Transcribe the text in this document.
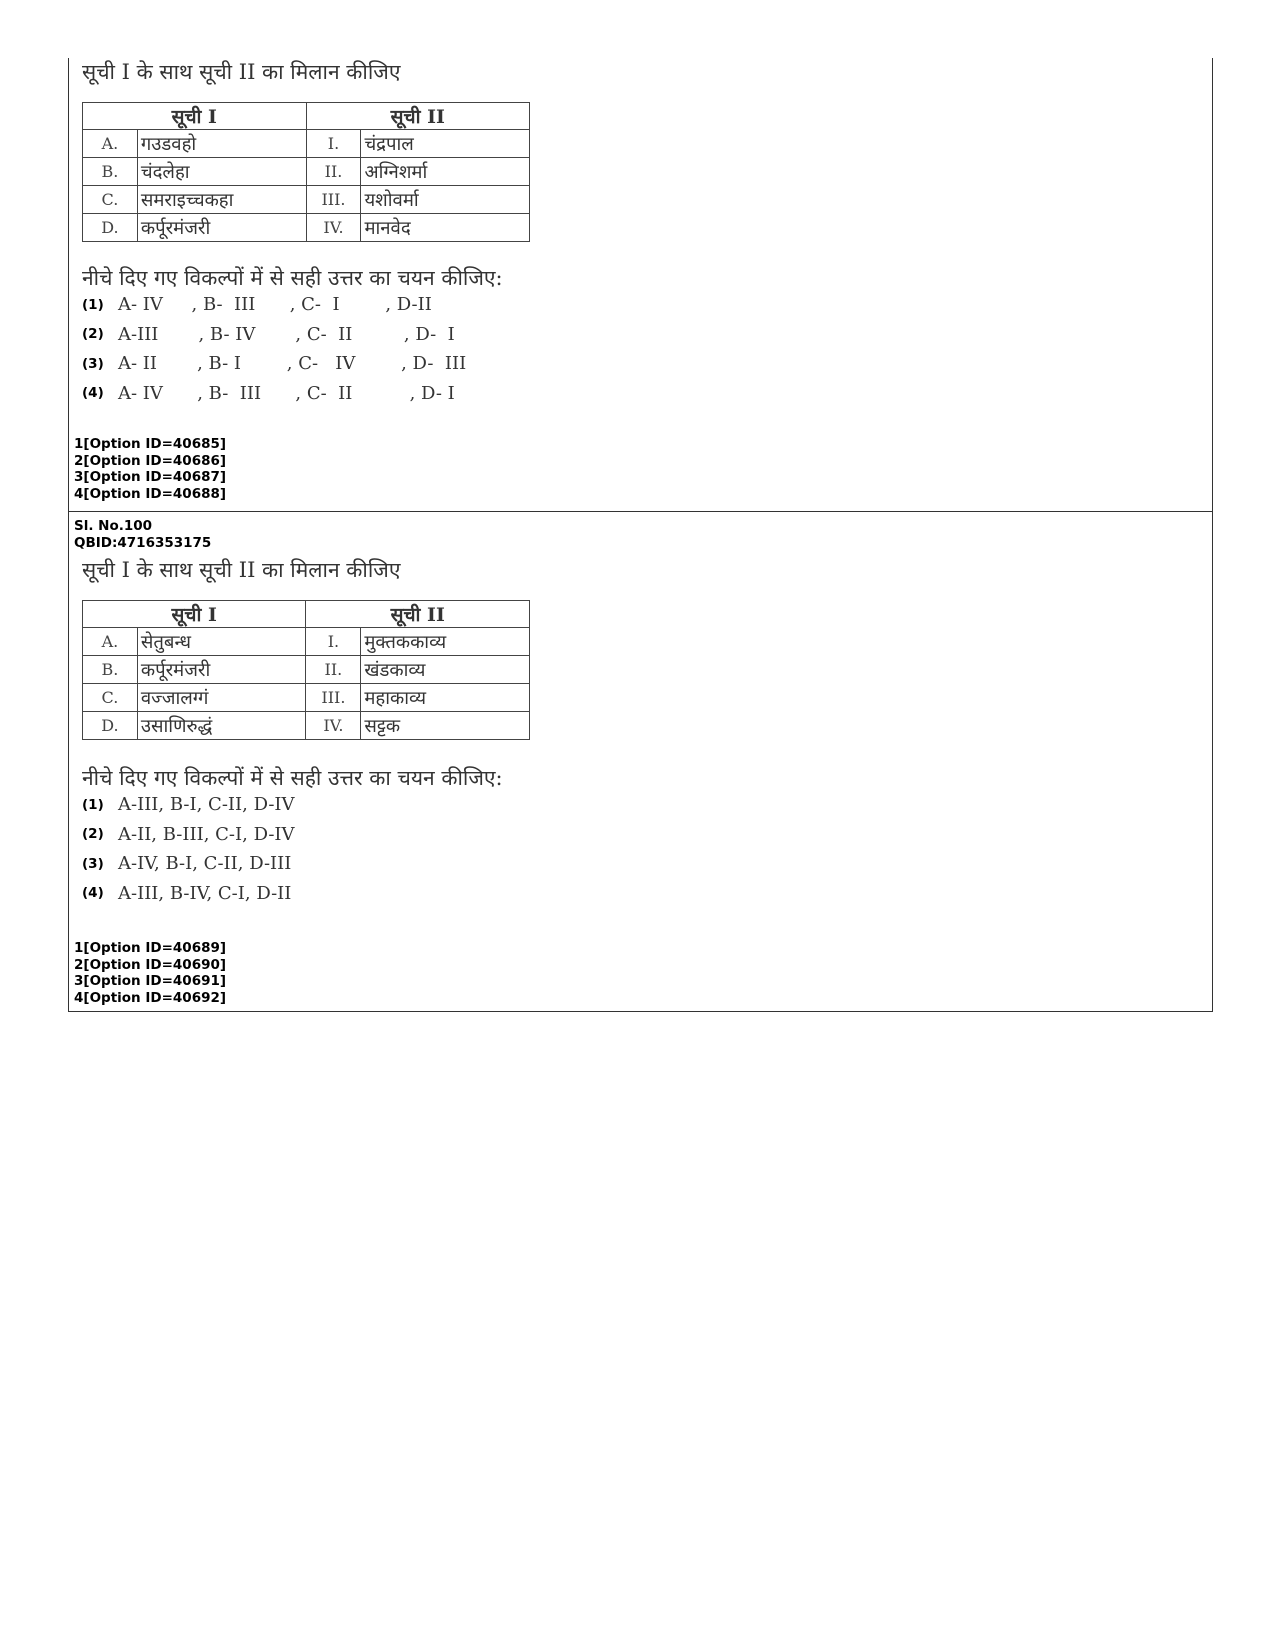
सूची I के साथ सूची II का मिलान कीजिए
सूची I		सूची II	
A.	गउडवहो	I.	चंद्रपाल
B.	चंदलेहा	II.	अग्निशर्मा
C.	समराइच्चकहा	III.	यशोवर्मा
D.	कर्पूरमंजरी	IV.	मानवेद
नीचे दिए गए विकल्पों में से सही उत्तर का चयन कीजिए:
(1) A- IV     , B-  III      , C-  I        , D-II
(2) A-III       , B- IV       , C-  II         , D-  I
(3) A- II       , B- I        , C-   IV        , D-  III
(4) A- IV      , B-  III      , C-  II          , D- I
1[Option ID=40685]
2[Option ID=40686]
3[Option ID=40687]
4[Option ID=40688]
Sl. No.100
QBID:4716353175
सूची I के साथ सूची II का मिलान कीजिए
सूची I		सूची II	
A.	सेतुबन्ध	I.	मुक्तककाव्य
B.	कर्पूरमंजरी	II.	खंडकाव्य
C.	वज्जालग्गं	III.	महाकाव्य
D.	उसाणिरुद्धं	IV.	सट्टक
नीचे दिए गए विकल्पों में से सही उत्तर का चयन कीजिए:
(1) A-III, B-I, C-II, D-IV
(2) A-II, B-III, C-I, D-IV
(3) A-IV, B-I, C-II, D-III
(4) A-III, B-IV, C-I, D-II
1[Option ID=40689]
2[Option ID=40690]
3[Option ID=40691]
4[Option ID=40692]
